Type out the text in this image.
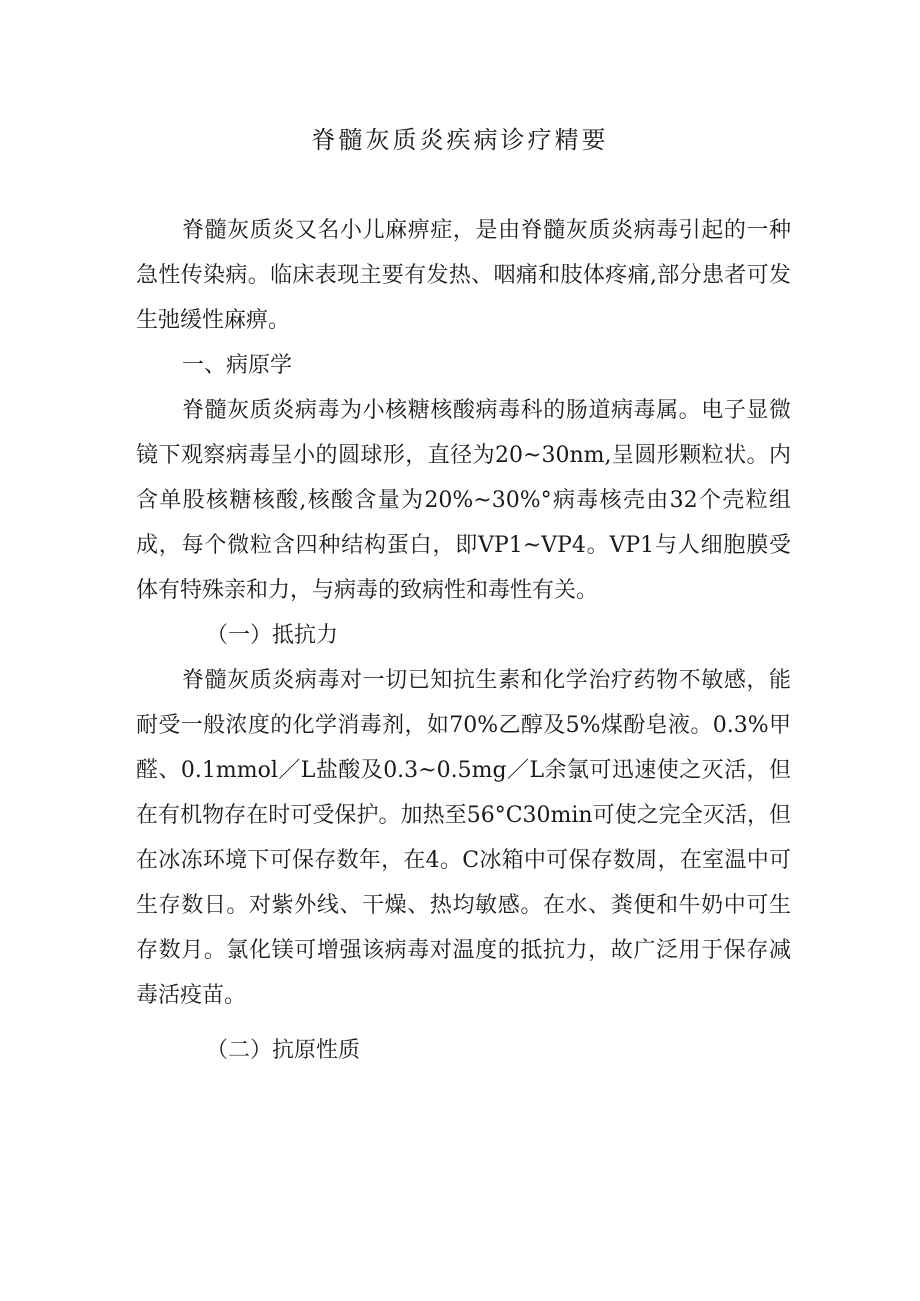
脊髓灰质炎疾病诊疗精要

脊髓灰质炎又名小儿麻痹症，是由脊髓灰质炎病毒引起的一种急性传染病。临床表现主要有发热、咽痛和肢体疼痛,部分患者可发生弛缓性麻痹。

一、病原学

脊髓灰质炎病毒为小核糖核酸病毒科的肠道病毒属。电子显微镜下观察病毒呈小的圆球形，直径为20~30nm,呈圆形颗粒状。内含单股核糖核酸,核酸含量为20%~30%°病毒核壳由32个壳粒组成，每个微粒含四种结构蛋白，即VP1~VP4。VP1与人细胞膜受体有特殊亲和力，与病毒的致病性和毒性有关。

（一）抵抗力

脊髓灰质炎病毒对一切已知抗生素和化学治疗药物不敏感，能耐受一般浓度的化学消毒剂，如70%乙醇及5%煤酚皂液。0.3%甲醛、0.1mmol／L盐酸及0.3~0.5mg／L余氯可迅速使之灭活，但在有机物存在时可受保护。加热至56°C30min可使之完全灭活，但在冰冻环境下可保存数年，在4。C冰箱中可保存数周，在室温中可生存数日。对紫外线、干燥、热均敏感。在水、粪便和牛奶中可生存数月。氯化镁可增强该病毒对温度的抵抗力，故广泛用于保存减毒活疫苗。

（二）抗原性质
